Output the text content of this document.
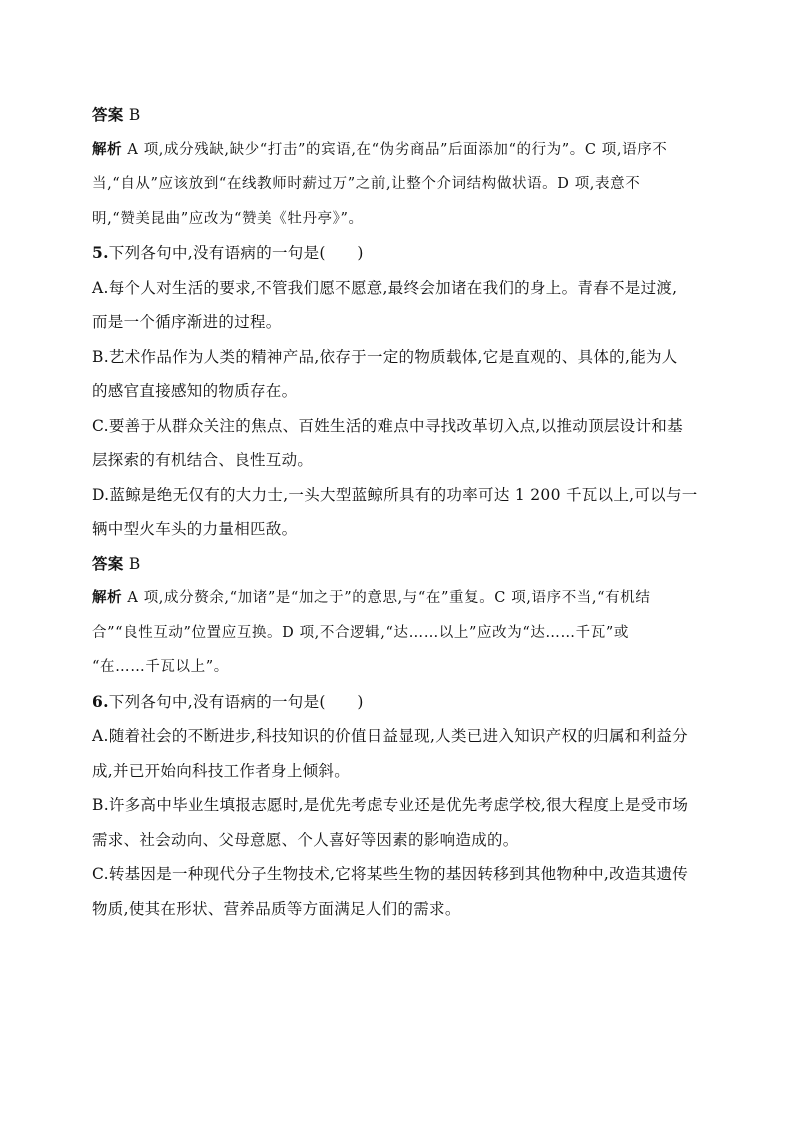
答案 B
解析 A 项,成分残缺,缺少“打击”的宾语,在“伪劣商品”后面添加“的行为”。C 项,语序不
当,“自从”应该放到“在线教师时薪过万”之前,让整个介词结构做状语。D 项,表意不
明,“赞美昆曲”应改为“赞美《牡丹亭》”。
5.下列各句中,没有语病的一句是(　　)
A.每个人对生活的要求,不管我们愿不愿意,最终会加诸在我们的身上。青春不是过渡,
而是一个循序渐进的过程。
B.艺术作品作为人类的精神产品,依存于一定的物质载体,它是直观的、具体的,能为人
的感官直接感知的物质存在。
C.要善于从群众关注的焦点、百姓生活的难点中寻找改革切入点,以推动顶层设计和基
层探索的有机结合、良性互动。
D.蓝鲸是绝无仅有的大力士,一头大型蓝鲸所具有的功率可达 1 200 千瓦以上,可以与一
辆中型火车头的力量相匹敌。
答案 B
解析 A 项,成分赘余,“加诸”是“加之于”的意思,与“在”重复。C 项,语序不当,“有机结
合”“良性互动”位置应互换。D 项,不合逻辑,“达……以上”应改为“达……千瓦”或
“在……千瓦以上”。
6.下列各句中,没有语病的一句是(　　)
A.随着社会的不断进步,科技知识的价值日益显现,人类已进入知识产权的归属和利益分
成,并已开始向科技工作者身上倾斜。
B.许多高中毕业生填报志愿时,是优先考虑专业还是优先考虑学校,很大程度上是受市场
需求、社会动向、父母意愿、个人喜好等因素的影响造成的。
C.转基因是一种现代分子生物技术,它将某些生物的基因转移到其他物种中,改造其遗传
物质,使其在形状、营养品质等方面满足人们的需求。
